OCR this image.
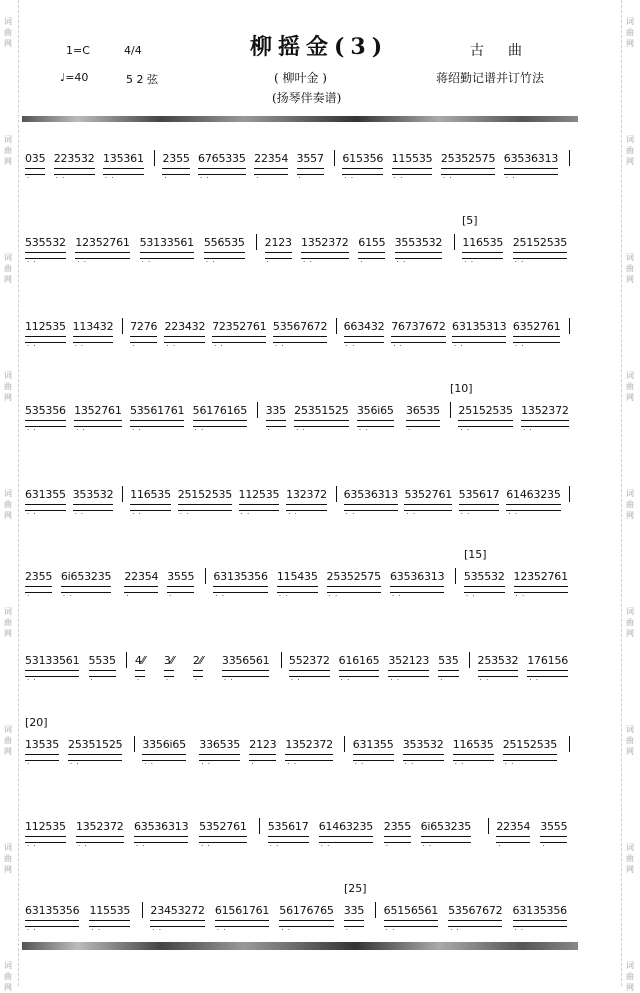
词
曲
网
词
曲
网
词
曲
网
词
曲
网
词
曲
网
词
曲
网
词
曲
网
词
曲
网
词
曲
网
词
曲
网
词
曲
网
词
曲
网
词
曲
网
词
曲
网
词
曲
网
词
曲
网
词
曲
网
词
曲
网
1=C	4/4	柳摇金(3)	古曲
♩=40	5 2 弦	( 柳叶金 )	蒋绍勤记谱并订竹法
(扬琴伴奏谱)
035
·
223532
· ·
135361
· ·
2355
·
6765335
· ·
22354
·
3557
·
615356
· ·
115535
· ·
25352575
· ·
63536313
· ·
535532
· ·
12352761
· ·
53133561
· ·
556535
· ·
2123
·
1352372
· ·
6155
·
3553532
· ·
116535
· ·
25152535
· ·
112535
· ·
113432
· ·
7276
·
223432
· ·
72352761
· ·
53567672
· ·
663432
· ·
76737672
· ·
63135313
· ·
6352761
· ·
535356
· ·
1352761
· ·
53561761
· ·
56176165
· ·
335
·
25351525
· ·
356i65
· ·
36535
·
25152535
· ·
1352372
· ·
631355
· ·
353532
· ·
116535
· ·
25152535
· ·
112535
· ·
132372
· ·
63536313
· ·
5352761
· ·
535617
· ·
61463235
· ·
2355
·
6i653235
· ·
22354
·
3555
·
63135356
· ·
115435
· ·
25352575
· ·
63536313
· ·
535532
· ·
12352761
· ·
53133561
· ·
5535
·
4⁄⁄
·
3⁄⁄
·
2⁄⁄
·
3356561
· ·
552372
· ·
616165
· ·
352123
· ·
535
·
253532
· ·
176156
· ·
13535
·
25351525
· ·
3356i65
· ·
336535
· ·
2123
·
1352372
· ·
631355
· ·
353532
· ·
116535
· ·
25152535
· ·
112535
· ·
1352372
· ·
63536313
· ·
5352761
· ·
535617
· ·
61463235
· ·
2355
·
6i653235
· ·
22354
·
3555
·
63135356
· ·
115535
· ·
23453272
· ·
61561761
· ·
56176765
· ·
335
·
65156561
· ·
53567672
· ·
63135356
· ·
[5]
[10]
[15]
[20]
[25]
